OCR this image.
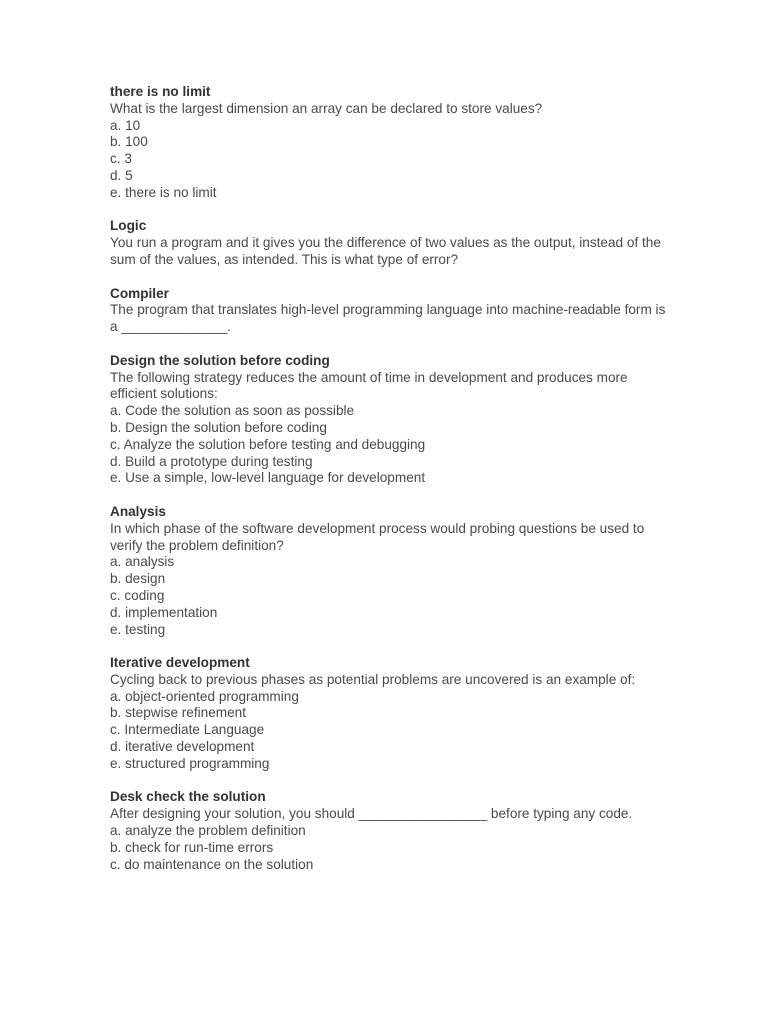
there is no limit
What is the largest dimension an array can be declared to store values?
a. 10
b. 100
c. 3
d. 5
e. there is no limit
Logic
You run a program and it gives you the difference of two values as the output, instead of the sum of the values, as intended. This is what type of error?
Compiler
The program that translates high-level programming language into machine-readable form is a ______________.
Design the solution before coding
The following strategy reduces the amount of time in development and produces more efficient solutions:
a. Code the solution as soon as possible
b. Design the solution before coding
c. Analyze the solution before testing and debugging
d. Build a prototype during testing
e. Use a simple, low-level language for development
Analysis
In which phase of the software development process would probing questions be used to verify the problem definition?
a. analysis
b. design
c. coding
d. implementation
e. testing
Iterative development
Cycling back to previous phases as potential problems are uncovered is an example of:
a. object-oriented programming
b. stepwise refinement
c. Intermediate Language
d. iterative development
e. structured programming
Desk check the solution
After designing your solution, you should _________________ before typing any code.
a. analyze the problem definition
b. check for run-time errors
c. do maintenance on the solution
